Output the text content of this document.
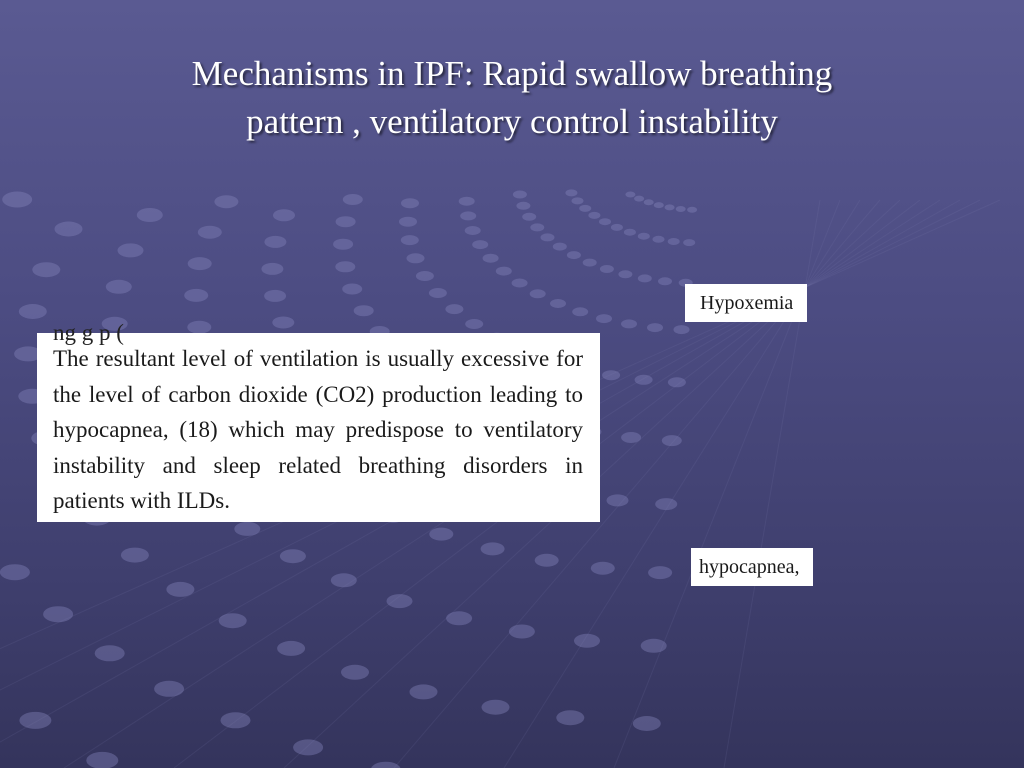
Mechanisms in IPF: Rapid swallow breathing
pattern , ventilatory control instability
ng g p (
The resultant level of ventilation is usually excessive for
the level of carbon dioxide (CO2) production leading to
hypocapnea, (18) which may predispose to ventilatory
instability and sleep related breathing disorders in
patients with ILDs.
Hypoxemia
hypocapnea,
